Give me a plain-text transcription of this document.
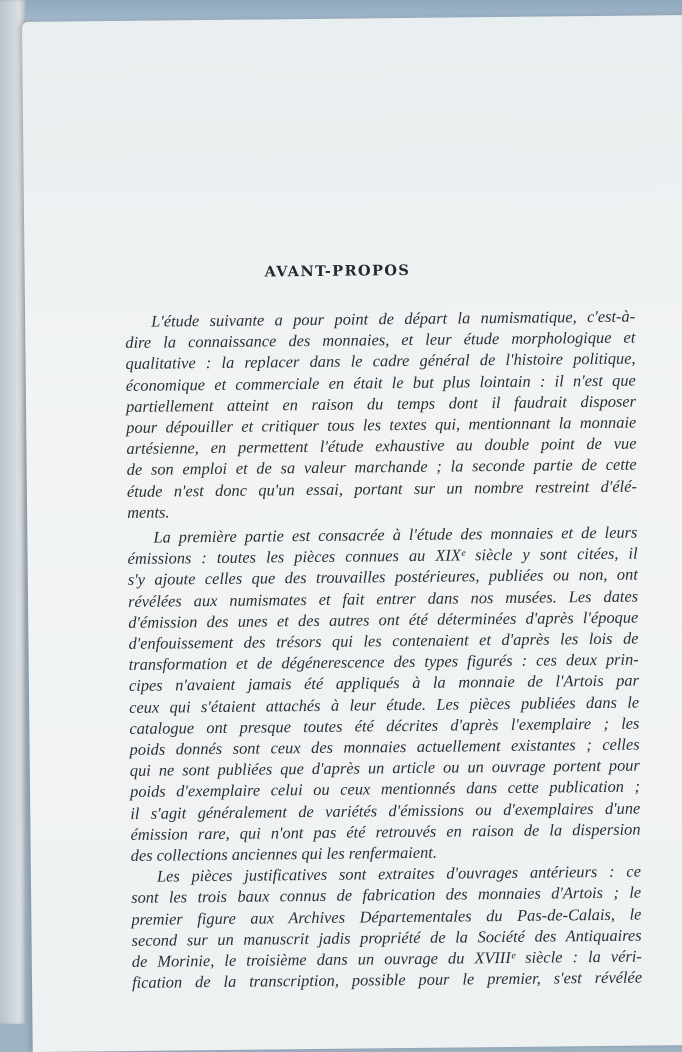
AVANT-PROPOS
L'étude suivante a pour point de départ la numismatique, c'est-à-
dire la connaissance des monnaies, et leur étude morphologique et
qualitative : la replacer dans le cadre général de l'histoire politique,
économique et commerciale en était le but plus lointain : il n'est que
partiellement atteint en raison du temps dont il faudrait disposer
pour dépouiller et critiquer tous les textes qui, mentionnant la monnaie
artésienne, en permettent l'étude exhaustive au double point de vue
de son emploi et de sa valeur marchande ; la seconde partie de cette
étude n'est donc qu'un essai, portant sur un nombre restreint d'élé-
ments.
La première partie est consacrée à l'étude des monnaies et de leurs
émissions : toutes les pièces connues au XIXᵉ siècle y sont citées, il
s'y ajoute celles que des trouvailles postérieures, publiées ou non, ont
révélées aux numismates et fait entrer dans nos musées. Les dates
d'émission des unes et des autres ont été déterminées d'après l'époque
d'enfouissement des trésors qui les contenaient et d'après les lois de
transformation et de dégénerescence des types figurés : ces deux prin-
cipes n'avaient jamais été appliqués à la monnaie de l'Artois par
ceux qui s'étaient attachés à leur étude. Les pièces publiées dans le
catalogue ont presque toutes été décrites d'après l'exemplaire ; les
poids donnés sont ceux des monnaies actuellement existantes ; celles
qui ne sont publiées que d'après un article ou un ouvrage portent pour
poids d'exemplaire celui ou ceux mentionnés dans cette publication ;
il s'agit généralement de variétés d'émissions ou d'exemplaires d'une
émission rare, qui n'ont pas été retrouvés en raison de la dispersion
des collections anciennes qui les renfermaient.
Les pièces justificatives sont extraites d'ouvrages antérieurs : ce
sont les trois baux connus de fabrication des monnaies d'Artois ; le
premier figure aux Archives Départementales du Pas-de-Calais, le
second sur un manuscrit jadis propriété de la Société des Antiquaires
de Morinie, le troisième dans un ouvrage du XVIIIᵉ siècle : la véri-
fication de la transcription, possible pour le premier, s'est révélée
